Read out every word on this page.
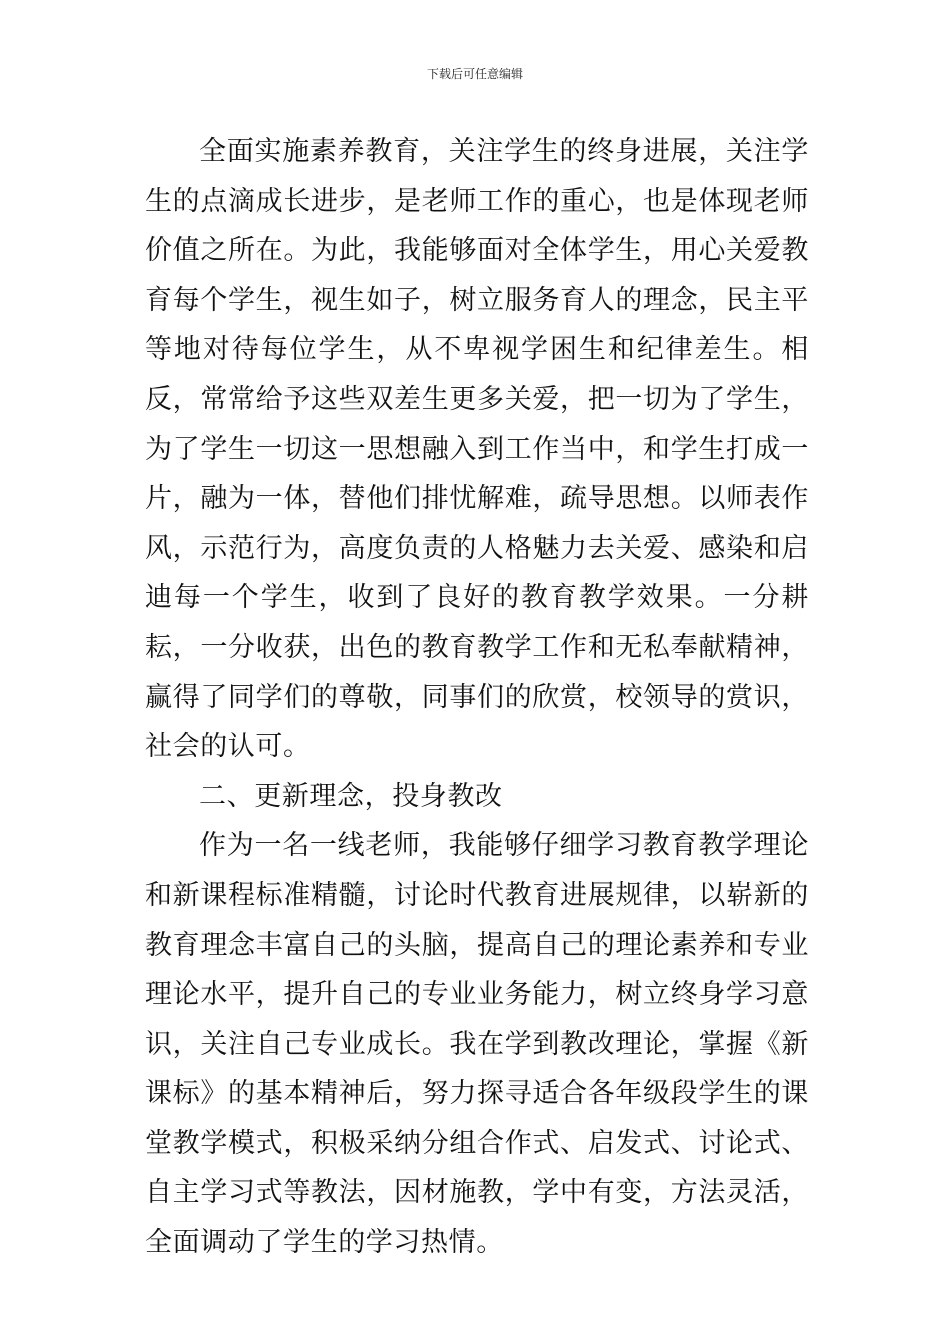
下载后可任意编辑

全面实施素养教育，关注学生的终身进展，关注学生的点滴成长进步，是老师工作的重心，也是体现老师价值之所在。为此，我能够面对全体学生，用心关爱教育每个学生，视生如子，树立服务育人的理念，民主平等地对待每位学生，从不卑视学困生和纪律差生。相反，常常给予这些双差生更多关爱，把一切为了学生，为了学生一切这一思想融入到工作当中，和学生打成一片，融为一体，替他们排忧解难，疏导思想。以师表作风，示范行为，高度负责的人格魅力去关爱、感染和启迪每一个学生，收到了良好的教育教学效果。一分耕耘，一分收获，出色的教育教学工作和无私奉献精神，赢得了同学们的尊敬，同事们的欣赏，校领导的赏识，社会的认可。

二、更新理念，投身教改

作为一名一线老师，我能够仔细学习教育教学理论和新课程标准精髓，讨论时代教育进展规律，以崭新的教育理念丰富自己的头脑，提高自己的理论素养和专业理论水平，提升自己的专业业务能力，树立终身学习意识，关注自己专业成长。我在学到教改理论，掌握《新课标》的基本精神后，努力探寻适合各年级段学生的课堂教学模式，积极采纳分组合作式、启发式、讨论式、自主学习式等教法，因材施教，学中有变，方法灵活，全面调动了学生的学习热情。
